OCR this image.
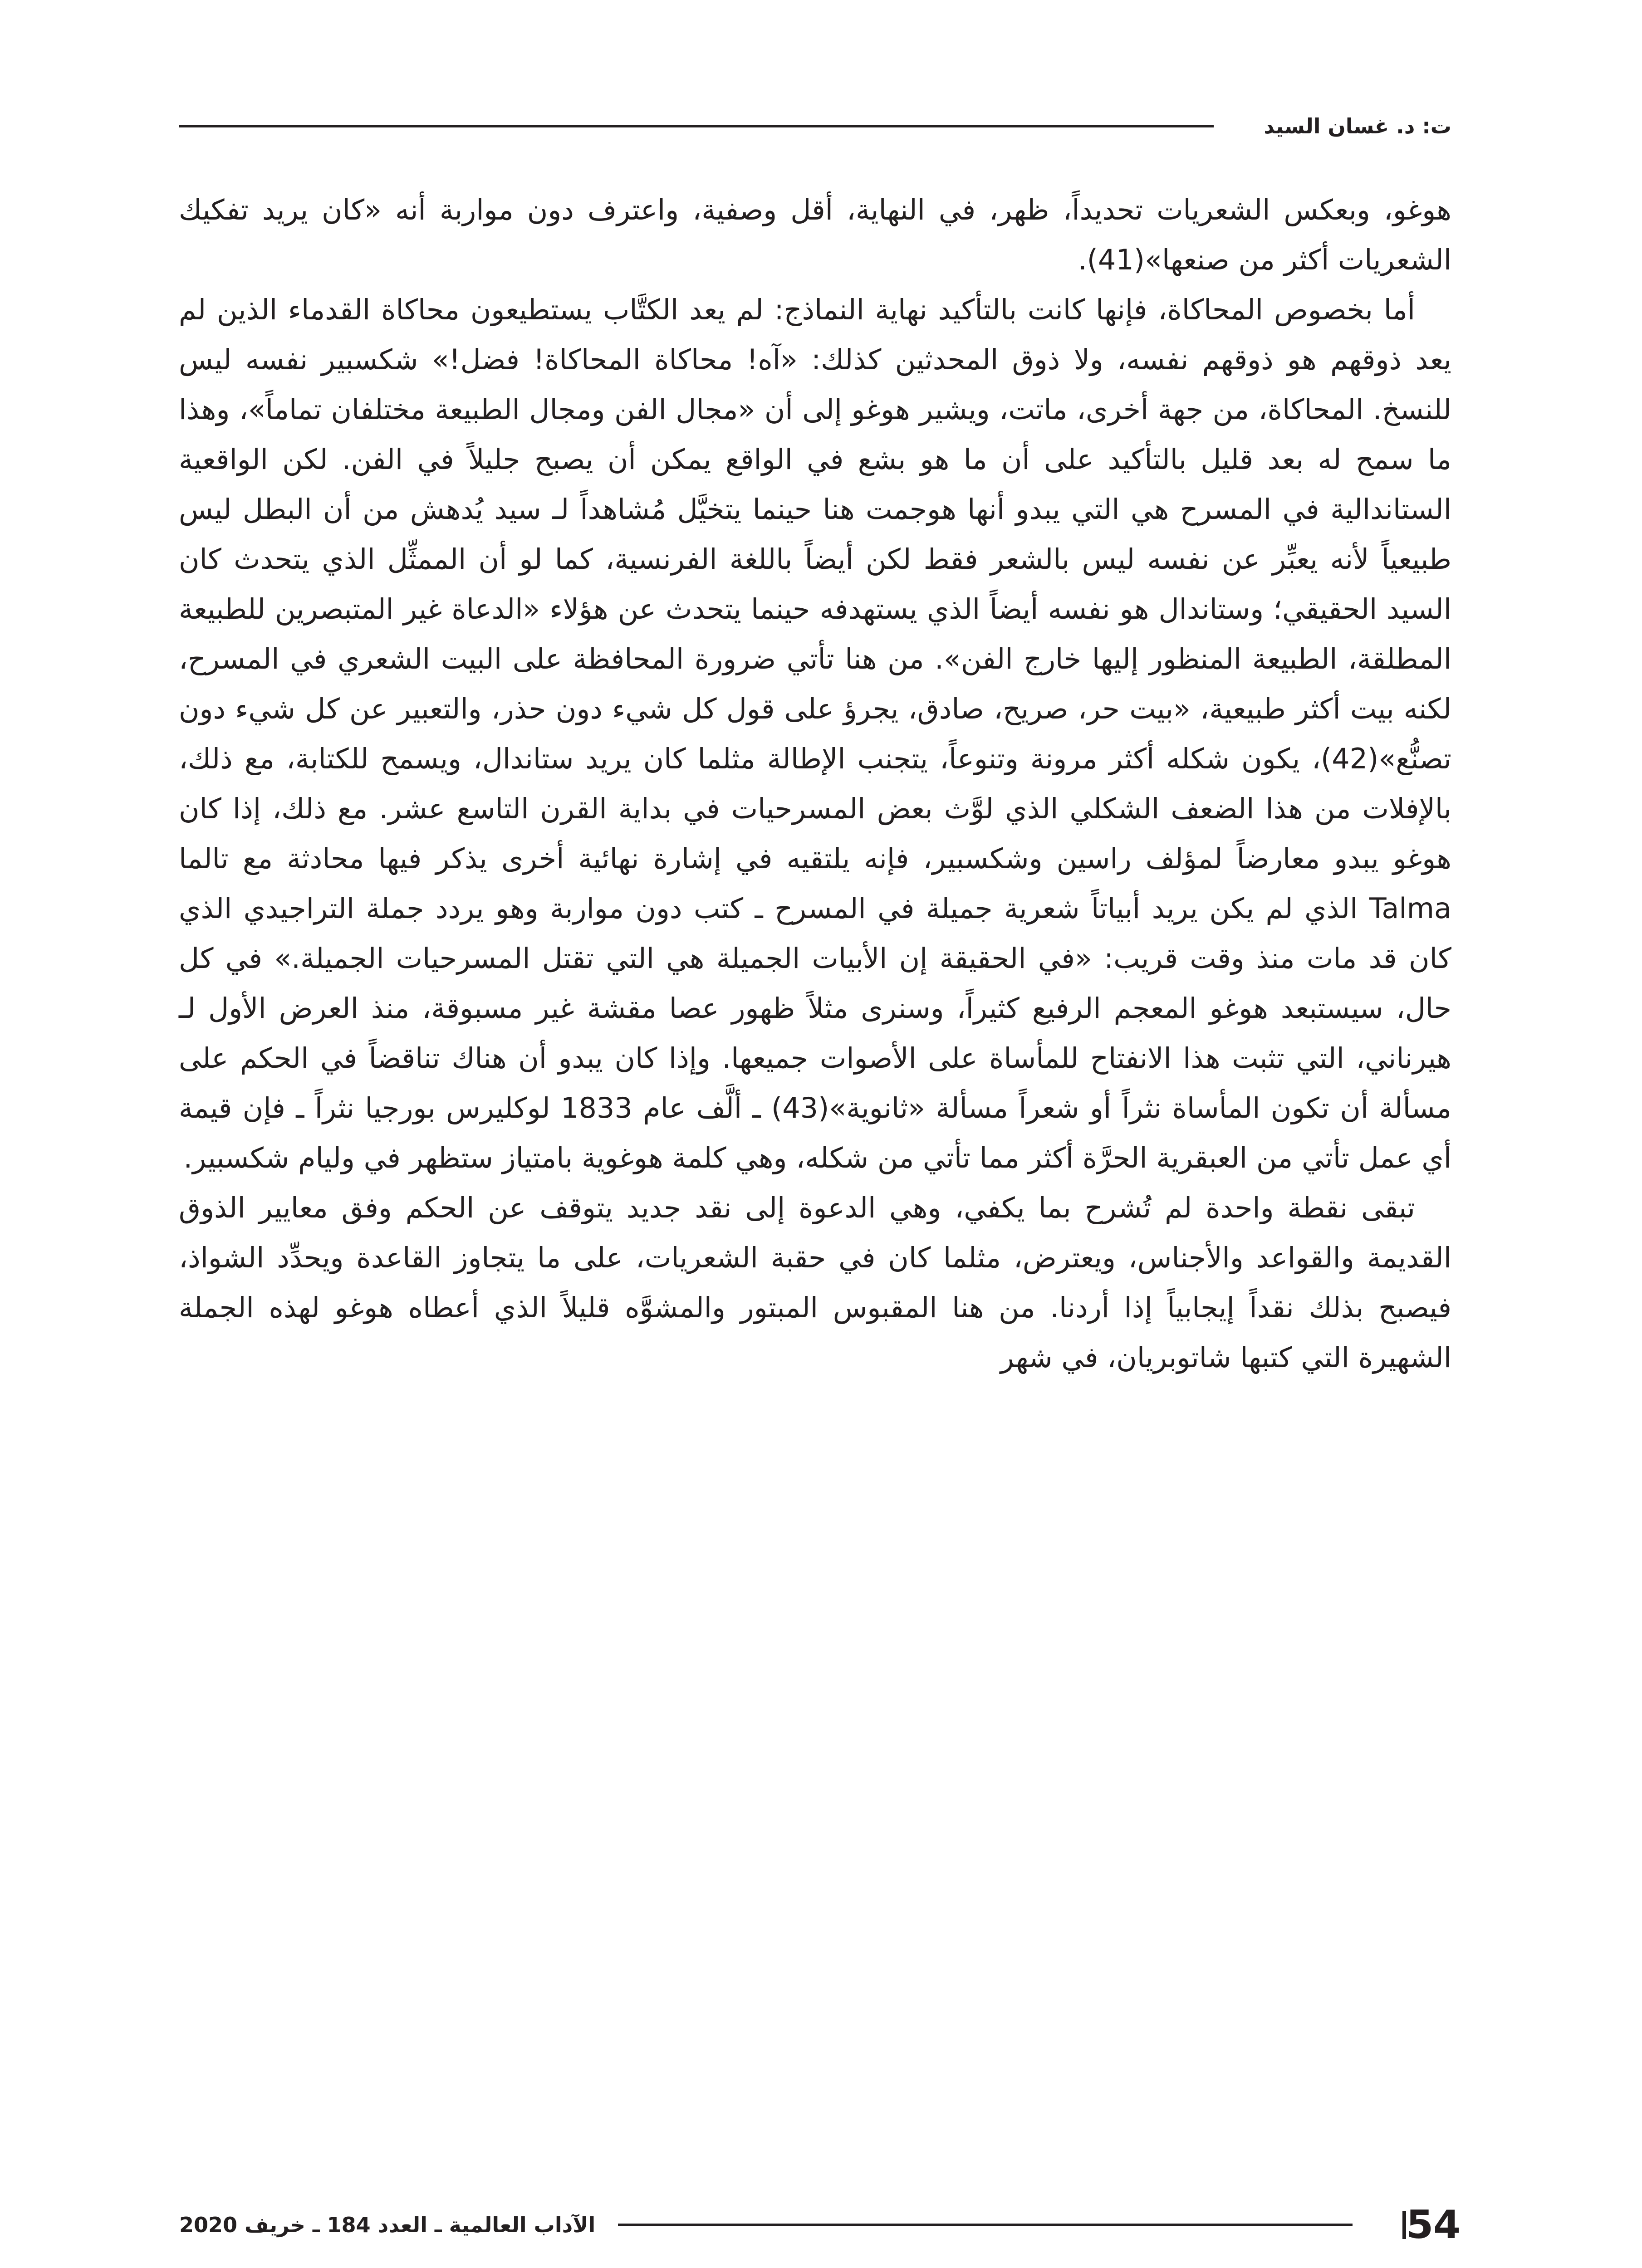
ت: د. غسان السيد

هوغو، وبعكس الشعريات تحديداً، ظهر، في النهاية، أقل وصفية، واعترف دون مواربة أنه «كان يريد تفكيك الشعريات أكثر من صنعها»(41).

أما بخصوص المحاكاة، فإنها كانت بالتأكيد نهاية النماذج: لم يعد الكتَّاب يستطيعون محاكاة القدماء الذين لم يعد ذوقهم هو ذوقهم نفسه، ولا ذوق المحدثين كذلك: «آه! محاكاة المحاكاة! فضل!» شكسبير نفسه ليس للنسخ. المحاكاة، من جهة أخرى، ماتت، ويشير هوغو إلى أن «مجال الفن ومجال الطبيعة مختلفان تماماً»، وهذا ما سمح له بعد قليل بالتأكيد على أن ما هو بشع في الواقع يمكن أن يصبح جليلاً في الفن. لكن الواقعية الستاندالية في المسرح هي التي يبدو أنها هوجمت هنا حينما يتخيَّل مُشاهداً لـ سيد يُدهش من أن البطل ليس طبيعياً لأنه يعبِّر عن نفسه ليس بالشعر فقط لكن أيضاً باللغة الفرنسية، كما لو أن الممثِّل الذي يتحدث كان السيد الحقيقي؛ وستاندال هو نفسه أيضاً الذي يستهدفه حينما يتحدث عن هؤلاء «الدعاة غير المتبصرين للطبيعة المطلقة، الطبيعة المنظور إليها خارج الفن». من هنا تأتي ضرورة المحافظة على البيت الشعري في المسرح، لكنه بيت أكثر طبيعية، «بيت حر، صريح، صادق، يجرؤ على قول كل شيء دون حذر، والتعبير عن كل شيء دون تصنُّع»(42)، يكون شكله أكثر مرونة وتنوعاً، يتجنب الإطالة مثلما كان يريد ستاندال، ويسمح للكتابة، مع ذلك، بالإفلات من هذا الضعف الشكلي الذي لوَّث بعض المسرحيات في بداية القرن التاسع عشر. مع ذلك، إذا كان هوغو يبدو معارضاً لمؤلف راسين وشكسبير، فإنه يلتقيه في إشارة نهائية أخرى يذكر فيها محادثة مع تالما Talma الذي لم يكن يريد أبياتاً شعرية جميلة في المسرح ـ كتب دون مواربة وهو يردد جملة التراجيدي الذي كان قد مات منذ وقت قريب: «في الحقيقة إن الأبيات الجميلة هي التي تقتل المسرحيات الجميلة.» في كل حال، سيستبعد هوغو المعجم الرفيع كثيراً، وسنرى مثلاً ظهور عصا مقشة غير مسبوقة، منذ العرض الأول لـ هيرناني، التي تثبت هذا الانفتاح للمأساة على الأصوات جميعها. وإذا كان يبدو أن هناك تناقضاً في الحكم على مسألة أن تكون المأساة نثراً أو شعراً مسألة «ثانوية»(43) ـ ألَّف عام 1833 لوكليرس بورجيا نثراً ـ فإن قيمة أي عمل تأتي من العبقرية الحرَّة أكثر مما تأتي من شكله، وهي كلمة هوغوية بامتياز ستظهر في وليام شكسبير.

تبقى نقطة واحدة لم تُشرح بما يكفي، وهي الدعوة إلى نقد جديد يتوقف عن الحكم وفق معايير الذوق القديمة والقواعد والأجناس، ويعترض، مثلما كان في حقبة الشعريات، على ما يتجاوز القاعدة ويحدِّد الشواذ، فيصبح بذلك نقداً إيجابياً إذا أردنا. من هنا المقبوس المبتور والمشوَّه قليلاً الذي أعطاه هوغو لهذه الجملة الشهيرة التي كتبها شاتوبريان، في شهر

54
الآداب العالمية ـ العدد 184 ـ خريف 2020
